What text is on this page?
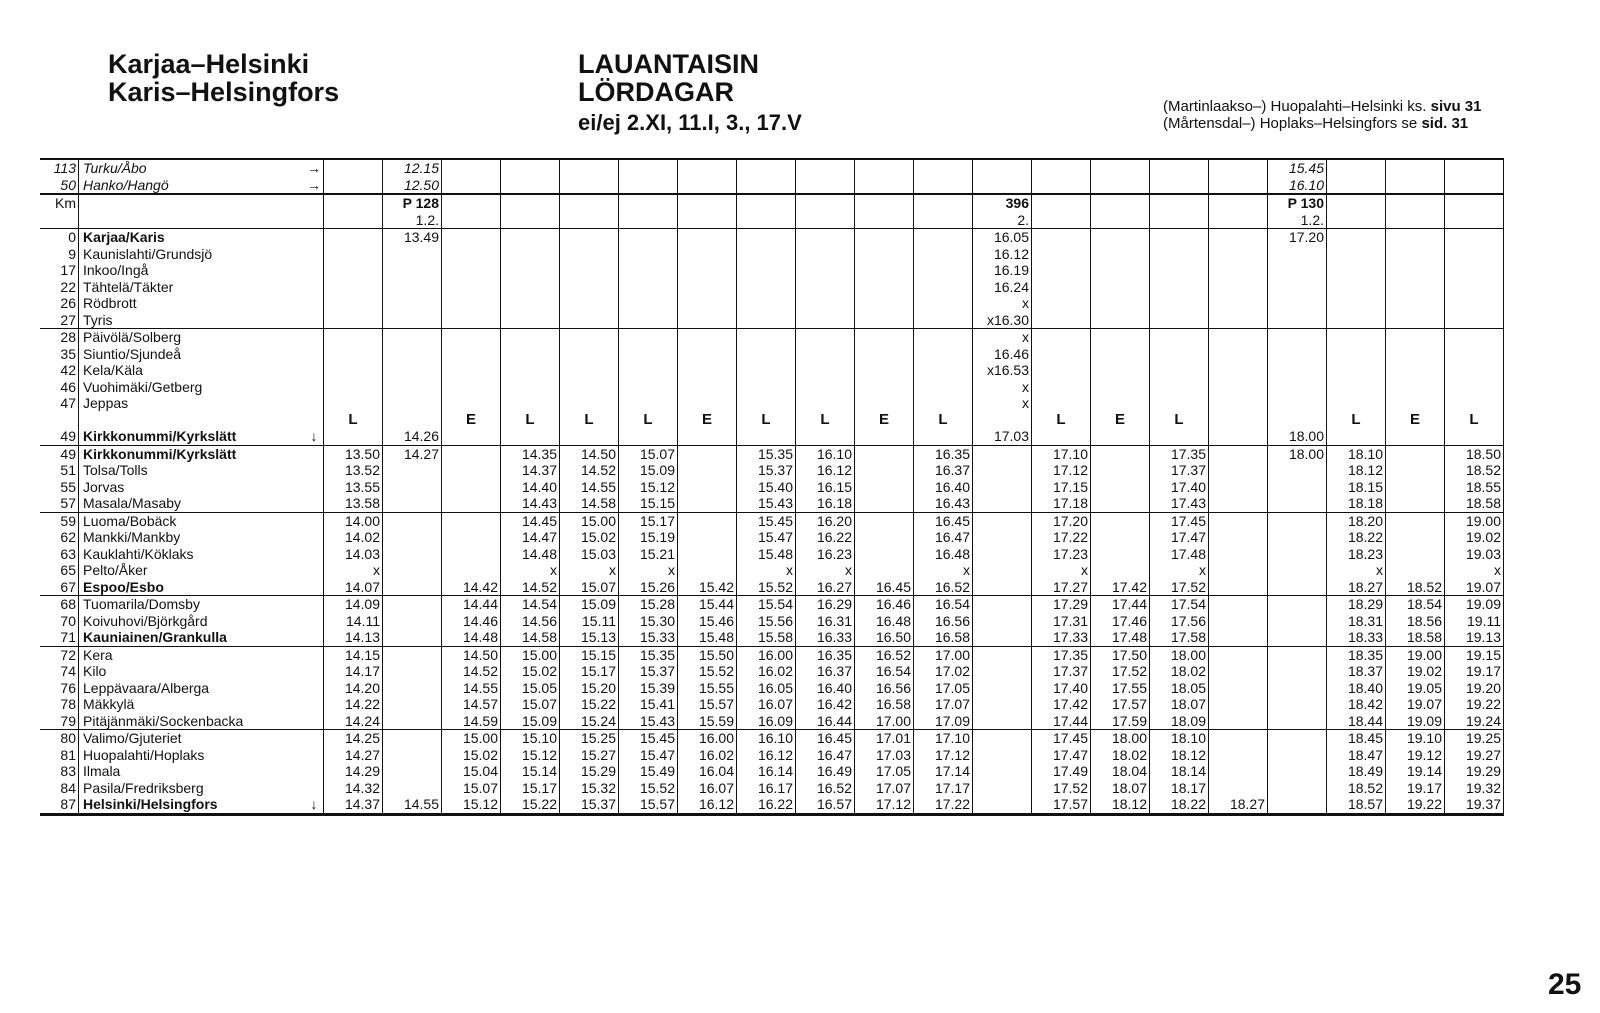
Karjaa–Helsinki
Karis–Helsingfors
LAUANTAISIN
LÖRDAGAR
ei/ej 2.XI, 11.I, 3., 17.V
(Martinlaakso–) Huopalahti–Helsinki ks. sivu 31
(Mårtensdal–) Hoplaks–Helsingfors se sid. 31
113	Turku/Åbo	→		12.15															15.45			
50	Hanko/Hangö	→		12.50															16.10			
Km				P 128										396					P 130			
				1.2.										2.					1.2.			
0	Karjaa/Karis			13.49										16.05					17.20			
9	Kaunislahti/Grundsjö													16.12								
17	Inkoo/Ingå													16.19								
22	Tähtelä/Täkter													16.24								
26	Rödbrott													x								
27	Tyris													x16.30								
28	Päivölä/Solberg													x								
35	Siuntio/Sjundeå													16.46								
42	Kela/Käla													x16.53								
46	Vuohimäki/Getberg													x								
47	Jeppas													x								
			L		E	L	L	L	E	L	L	E	L		L	E	L			L	E	L
49	Kirkkonummi/Kyrkslätt	↓		14.26										17.03					18.00			
49	Kirkkonummi/Kyrkslätt		13.50	14.27		14.35	14.50	15.07		15.35	16.10		16.35		17.10		17.35		18.00	18.10		18.50
51	Tolsa/Tolls		13.52			14.37	14.52	15.09		15.37	16.12		16.37		17.12		17.37			18.12		18.52
55	Jorvas		13.55			14.40	14.55	15.12		15.40	16.15		16.40		17.15		17.40			18.15		18.55
57	Masala/Masaby		13.58			14.43	14.58	15.15		15.43	16.18		16.43		17.18		17.43			18.18		18.58
59	Luoma/Bobäck		14.00			14.45	15.00	15.17		15.45	16.20		16.45		17.20		17.45			18.20		19.00
62	Mankki/Mankby		14.02			14.47	15.02	15.19		15.47	16.22		16.47		17.22		17.47			18.22		19.02
63	Kauklahti/Köklaks		14.03			14.48	15.03	15.21		15.48	16.23		16.48		17.23		17.48			18.23		19.03
65	Pelto/Åker		x			x	x	x		x	x		x		x		x			x		x
67	Espoo/Esbo		14.07		14.42	14.52	15.07	15.26	15.42	15.52	16.27	16.45	16.52		17.27	17.42	17.52			18.27	18.52	19.07
68	Tuomarila/Domsby		14.09		14.44	14.54	15.09	15.28	15.44	15.54	16.29	16.46	16.54		17.29	17.44	17.54			18.29	18.54	19.09
70	Koivuhovi/Björkgård		14.11		14.46	14.56	15.11	15.30	15.46	15.56	16.31	16.48	16.56		17.31	17.46	17.56			18.31	18.56	19.11
71	Kauniainen/Grankulla		14.13		14.48	14.58	15.13	15.33	15.48	15.58	16.33	16.50	16.58		17.33	17.48	17.58			18.33	18.58	19.13
72	Kera		14.15		14.50	15.00	15.15	15.35	15.50	16.00	16.35	16.52	17.00		17.35	17.50	18.00			18.35	19.00	19.15
74	Kilo		14.17		14.52	15.02	15.17	15.37	15.52	16.02	16.37	16.54	17.02		17.37	17.52	18.02			18.37	19.02	19.17
76	Leppävaara/Alberga		14.20		14.55	15.05	15.20	15.39	15.55	16.05	16.40	16.56	17.05		17.40	17.55	18.05			18.40	19.05	19.20
78	Mäkkylä		14.22		14.57	15.07	15.22	15.41	15.57	16.07	16.42	16.58	17.07		17.42	17.57	18.07			18.42	19.07	19.22
79	Pitäjänmäki/Sockenbacka		14.24		14.59	15.09	15.24	15.43	15.59	16.09	16.44	17.00	17.09		17.44	17.59	18.09			18.44	19.09	19.24
80	Valimo/Gjuteriet		14.25		15.00	15.10	15.25	15.45	16.00	16.10	16.45	17.01	17.10		17.45	18.00	18.10			18.45	19.10	19.25
81	Huopalahti/Hoplaks		14.27		15.02	15.12	15.27	15.47	16.02	16.12	16.47	17.03	17.12		17.47	18.02	18.12			18.47	19.12	19.27
83	Ilmala		14.29		15.04	15.14	15.29	15.49	16.04	16.14	16.49	17.05	17.14		17.49	18.04	18.14			18.49	19.14	19.29
84	Pasila/Fredriksberg		14.32		15.07	15.17	15.32	15.52	16.07	16.17	16.52	17.07	17.17		17.52	18.07	18.17			18.52	19.17	19.32
87	Helsinki/Helsingfors	↓	14.37	14.55	15.12	15.22	15.37	15.57	16.12	16.22	16.57	17.12	17.22		17.57	18.12	18.22	18.27		18.57	19.22	19.37
25
